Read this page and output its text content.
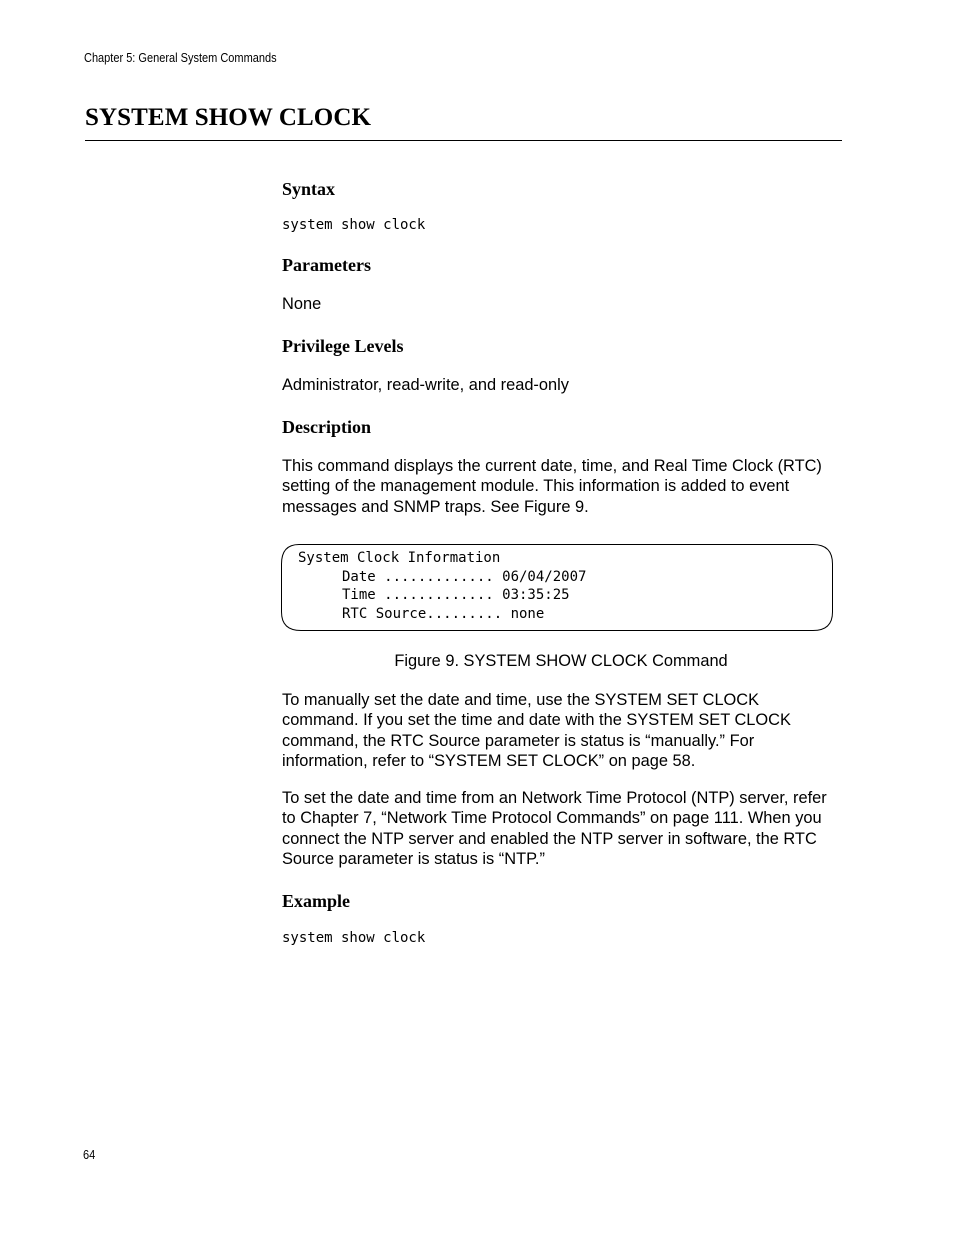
Chapter 5: General System Commands
SYSTEM SHOW CLOCK
Syntax
system show clock
Parameters

None

Privilege Levels

Administrator, read-write, and read-only

Description

This command displays the current date, time, and Real Time Clock (RTC) setting of the management module. This information is added to event messages and SNMP traps. See Figure 9.

To manually set the date and time, use the SYSTEM SET CLOCK command. If you set the time and date with the SYSTEM SET CLOCK command, the RTC Source parameter is status is “manually.” For information, refer to “SYSTEM SET CLOCK” on page 58.

To set the date and time from an Network Time Protocol (NTP) server, refer to Chapter 7, “Network Time Protocol Commands” on page 111. When you connect the NTP server and enabled the NTP server in software, the RTC Source parameter is status is “NTP.”

Example
system show clock
System Clock Information
Date ............. 06/04/2007
Time ............. 03:35:25
RTC Source......... none
Figure 9. SYSTEM SHOW CLOCK Command
64
